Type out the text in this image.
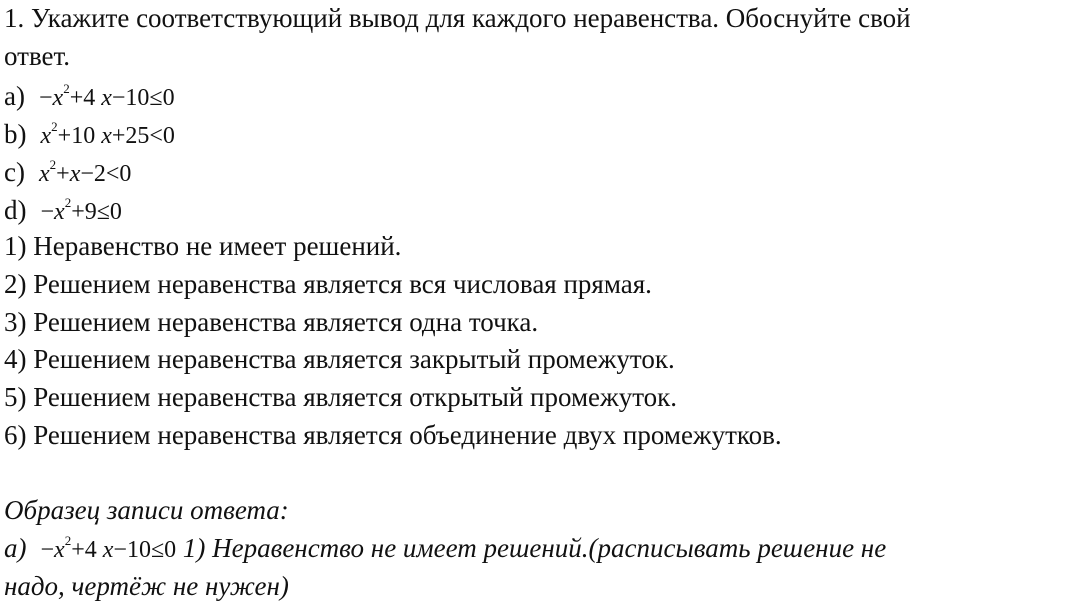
1. Укажите соответствующий вывод для каждого неравенства. Обоснуйте свой
ответ.
$a) -x^2+4$ x−10≤0
b) $x^2+10$ x+25<0
c) $x^2+x-2<0$
$d) -x^2+9\le 0$
1) Неравенство не имеет решений.
2) Решением неравенства является вся числовая прямая.
3) Решением неравенства является одна точка.
4) Решением неравенства является закрытый промежуток.
5) Решением неравенства является открытый промежуток.
6) Решением неравенства является объединение двух промежутков.
Образец записи ответа:
$a) -x^2+4$ x−10≤0 1) Неравенство не имеет решений.(расписывать решение не
надо, чертёж не нужен)
